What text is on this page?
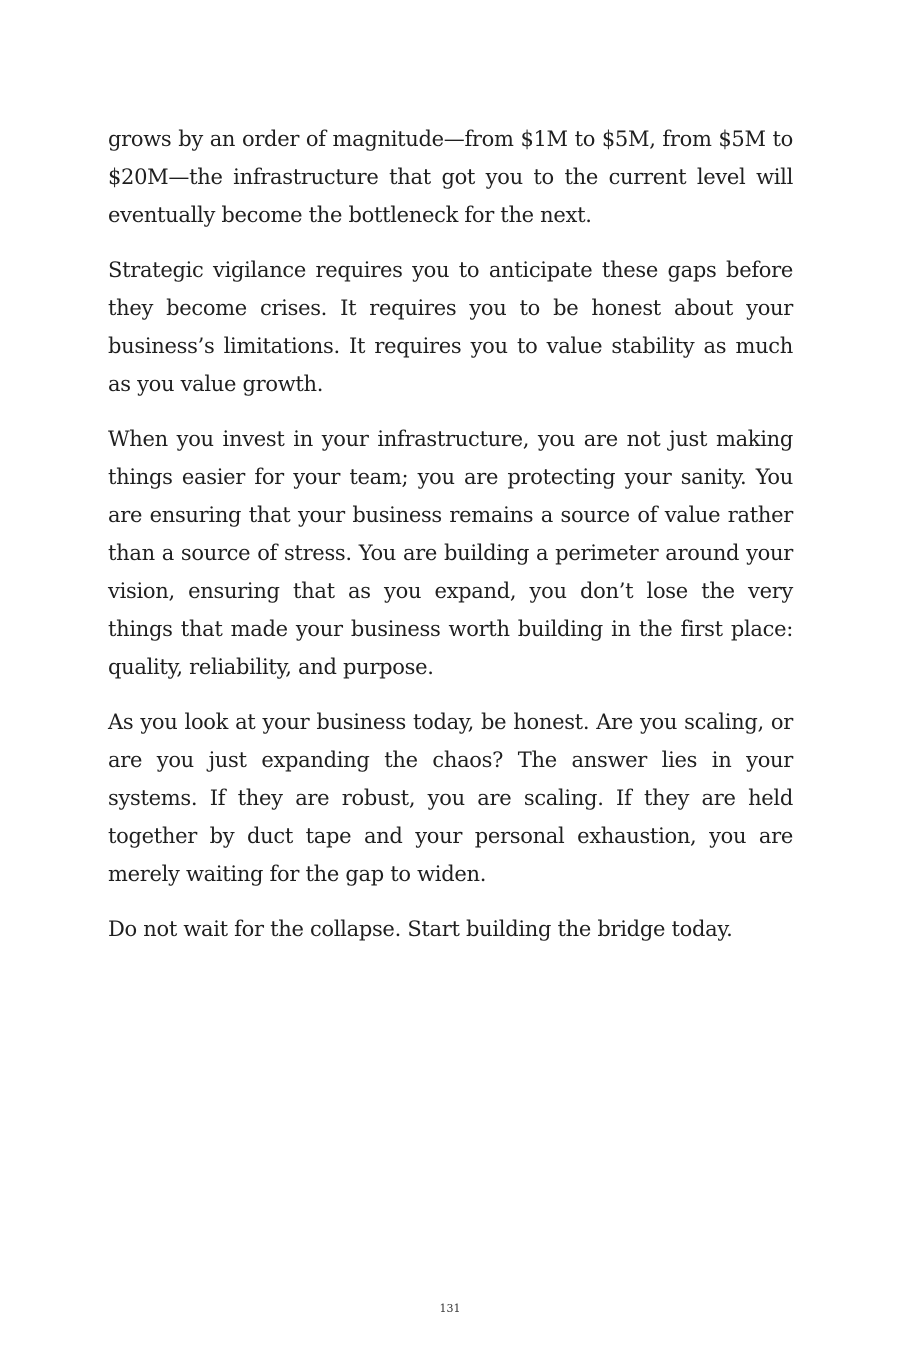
grows by an order of magnitude—from $1M to $5M, from $5M to $20M—the infrastructure that got you to the current level will eventually become the bottleneck for the next.

Strategic vigilance requires you to anticipate these gaps before they become crises. It requires you to be honest about your business’s limitations. It requires you to value stability as much as you value growth.

When you invest in your infrastructure, you are not just making things easier for your team; you are protecting your sanity. You are ensuring that your business remains a source of value rather than a source of stress. You are building a perimeter around your vision, ensuring that as you expand, you don’t lose the very things that made your business worth building in the first place: quality, reliability, and purpose.

As you look at your business today, be honest. Are you scaling, or are you just expanding the chaos? The answer lies in your systems. If they are robust, you are scaling. If they are held together by duct tape and your personal exhaustion, you are merely waiting for the gap to widen.

Do not wait for the collapse. Start building the bridge today.

131
